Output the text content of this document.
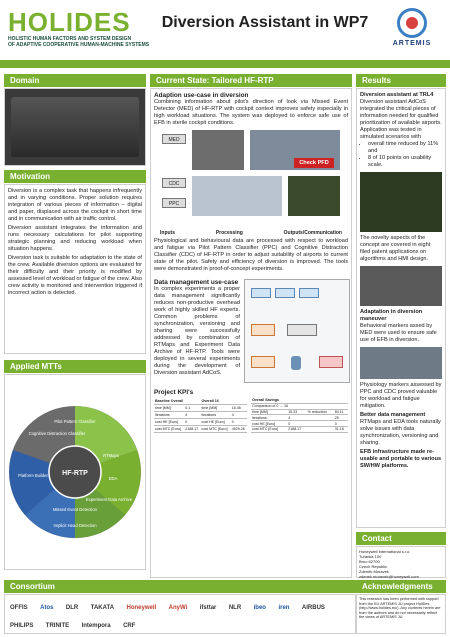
HOLIDES
HOLISTIC HUMAN FACTORS AND SYSTEM DESIGN
OF ADAPTIVE COOPERATIVE HUMAN-MACHINE SYSTEMS
Diversion Assistant in WP7
ARTEMIS
Domain
Motivation

Diversion is a complex task that happens infrequently and in varying conditions. Proper solution requires integration of various pieces of information – digital and paper, displaced across the cockpit in short time and in communication with air traffic control.

Diversion assistant integrates the information and runs necessary calculations for pilot supporting strategic planning and reducing workload when situation happens.

Diversion task is suitable for adaptation to the state of the crew. Available diversion options are evaluated for their difficulty and their priority is modified by assessed level of workload or fatigue of the crew. Also crew activity is monitored and intervention triggered if incorrect action is detected.

Applied MTTs
HF-RTP
Pilot Pattern Classifier
Cognitive Distraction Classifier
RTMaps
Platform Builder
EDA
Missed Event Detection
Implicit Head Detection
Experiment Data Archive
Current State: Tailored HF-RTP
Adaption use-case in diversion

Combining information about pilot's direction of look via Missed Event Detector (MED) of HF-RTP with cockpit context improves safety especially in high workload situations. The system was deployed to enforce safe use of EFB in sterile cockpit conditions.

MED
Check PFD
CDC
PPC
Inputs	Processing	Outputs/Communication

Physiological and behavioural data are processed with respect to workload and fatigue via Pilot Pattern Classifier (PPC) and Cognitive Distraction Classifier (CDC) of HF-RTP in order to adjust suitability of airports to current state of the pilot. Safety and efficiency of diversion is improved. The tools were demonstrated in proof-of-concept experiments.

Data management use-case

In complex experiments a proper data management significantly reduces non-productive overhead work of highly skilled HF experts. Common problems of synchronization, versioning and sharing were successfully addressed by combination of RTMaps and Experiment Data Archive of HF-RTP. Tools were deployed in several experiments during the development of Diversion assistant AdCoS.

Project KPI's
Baseline Overall		Overall 16	
time [MM]	0.1	time [MM]	16.45
iterations	4	iterations	4
cost HE [Euro]	0	cost HE [Euro]	0
cost MTC [Euro]	2188.17	cost MTC [Euro]	4929.26
Overall Savings			
Comparison of 0 → 16			
time [MM]	15.33	% reduction	84.11
iterations	4		25
cost HE [Euro]	0		0
cost MTC [Euro]	2188.17		31.18
Results
Diversion assistant at TRL4

Diversion assistant AdCoS integrated the critical pieces of information needed for qualified prioritization of available airports.

Application was tested in simulated scenarios with

• overall time reduced by 11% and
• 8 of 10 points on usability scale.

The novelty aspects of the concept are covered in eight filed patent applications on algorithms and HMI design.

Adaptation in diversion maneuver

Behavioral markers assed by MED were used to ensure safe use of EFB in diversion.

Physiology markers assessed by PPC and CDC proved valuable for workload and fatigue mitigation.

Better data management

RTMaps and EDA tools naturally solve issues with data synchronization, versioning and sharing.

EFB infrastructure made re-usable and portable to various SW/HW platforms.
Contact
Honeywell International s.r.o.
Tuřanka 100
Brno 62700
Czech Republic
Zdeněk Moravek
zdenek.moravek@honeywell.com
Consortium
OFFIS Atos DLR TAKATA Honeywell AnyWi ifsttar NLR ibeo iren AIRBUS PHILIPS TRINITE Intempora CRF
Acknowledgments

This research has been performed with support from the EU ARTEMIS JU project HoliDes (http://www.holides.eu/). Any contents herein are from the authors and do not necessarily reflect the views of ARTEMIS JU.
